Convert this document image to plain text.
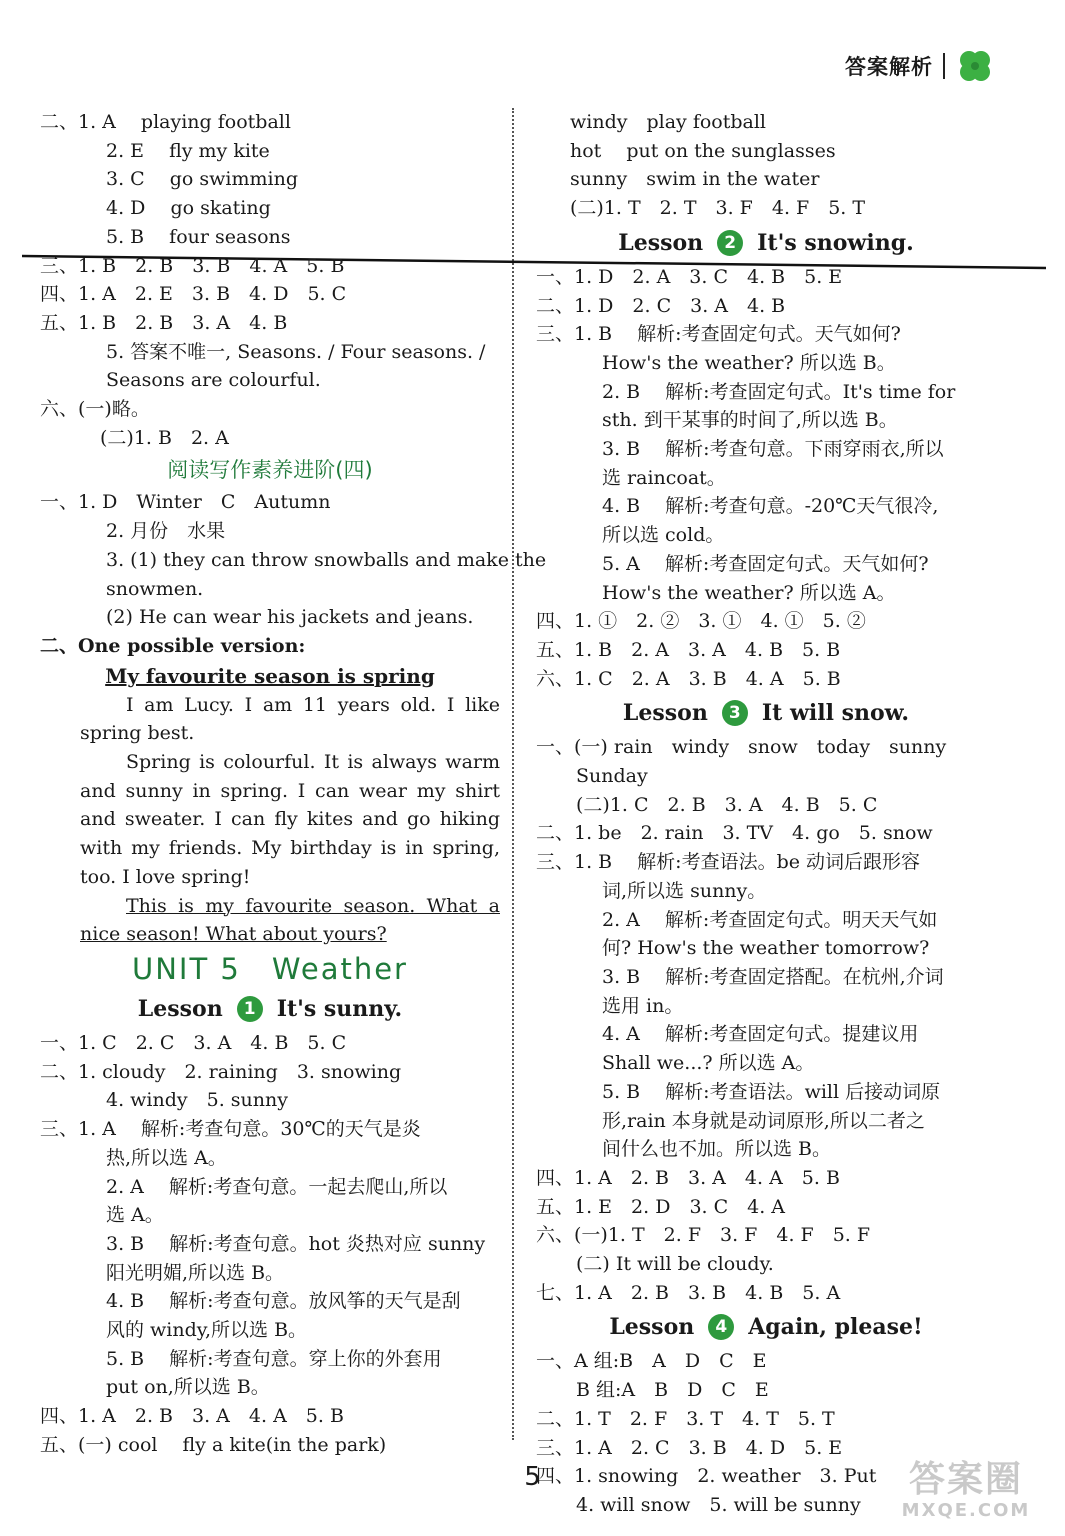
答案解析
二、1. A　 playing football
2. E　 fly my kite
3. C　 go swimming
4. D　 go skating
5. B　 four seasons
三、1. B　2. B　3. B　4. A　5. B
四、1. A　2. E　3. B　4. D　5. C
五、1. B　2. B　3. A　4. B
5. 答案不唯一, Seasons. / Four seasons. /
Seasons are colourful.
六、(一)略。
(二)1. B　2. A
阅读写作素养进阶(四)
一、1. D　Winter　C　Autumn
2. 月份　水果
3. (1) they can throw snowballs and make the
snowmen.
(2) He can wear his jackets and jeans.
二、One possible version:
My favourite season is spring

I am Lucy. I am 11 years old. I like spring best.

Spring is colourful. It is always warm and sunny in spring. I can wear my shirt and sweater. I can fly kites and go hiking with my friends. My birthday is in spring, too. I love spring!

This is my favourite season. What a nice season! What about yours?

UNIT 5　Weather
Lesson	1 It's sunny.
一、1. C　2. C　3. A　4. B　5. C
二、1. cloudy　2. raining　3. snowing
4. windy　5. sunny
三、1. A　 解析:考查句意。30℃的天气是炎
热,所以选 A。
2. A　 解析:考查句意。一起去爬山,所以
选 A。
3. B　 解析:考查句意。hot 炎热对应 sunny
阳光明媚,所以选 B。
4. B　 解析:考查句意。放风筝的天气是刮
风的 windy,所以选 B。
5. B　 解析:考查句意。穿上你的外套用
put on,所以选 B。
四、1. A　2. B　3. A　4. A　5. B
五、(一) cool　 fly a kite(in the park)
windy　play football
hot　 put on the sunglasses
sunny　swim in the water
(二)1. T　2. T　3. F　4. F　5. T
Lesson	2 It's snowing.
一、1. D　2. A　3. C　4. B　5. E
二、1. D　2. C　3. A　4. B
三、1. B　 解析:考查固定句式。天气如何?
How's the weather? 所以选 B。
2. B　 解析:考查固定句式。It's time for
sth. 到干某事的时间了,所以选 B。
3. B　 解析:考查句意。下雨穿雨衣,所以
选 raincoat。
4. B　 解析:考查句意。-20℃天气很冷,
所以选 cold。
5. A　 解析:考查固定句式。天气如何?
How's the weather? 所以选 A。
四、1. ①　2. ②　3. ①　4. ①　5. ②
五、1. B　2. A　3. A　4. B　5. B
六、1. C　2. A　3. B　4. A　5. B
Lesson	3 It will snow.
一、(一) rain　windy　snow　today　sunny
Sunday
(二)1. C　2. B　3. A　4. B　5. C
二、1. be　2. rain　3. TV　4. go　5. snow
三、1. B　 解析:考查语法。be 动词后跟形容
词,所以选 sunny。
2. A　 解析:考查固定句式。明天天气如
何? How's the weather tomorrow?
3. B　 解析:考查固定搭配。在杭州,介词
选用 in。
4. A　 解析:考查固定句式。提建议用
Shall we...? 所以选 A。
5. B　 解析:考查语法。will 后接动词原
形,rain 本身就是动词原形,所以二者之
间什么也不加。所以选 B。
四、1. A　2. B　3. A　4. A　5. B
五、1. E　2. D　3. C　4. A
六、(一)1. T　2. F　3. F　4. F　5. F
(二) It will be cloudy.
七、1. A　2. B　3. B　4. B　5. A
Lesson	4 Again, please!
一、A 组:B　A　D　C　E
B 组:A　B　D　C　E
二、1. T　2. F　3. T　4. T　5. T
三、1. A　2. C　3. B　4. D　5. E
四、1. snowing　2. weather　3. Put
4. will snow　5. will be sunny
5	答案圈
MXQE.COM
